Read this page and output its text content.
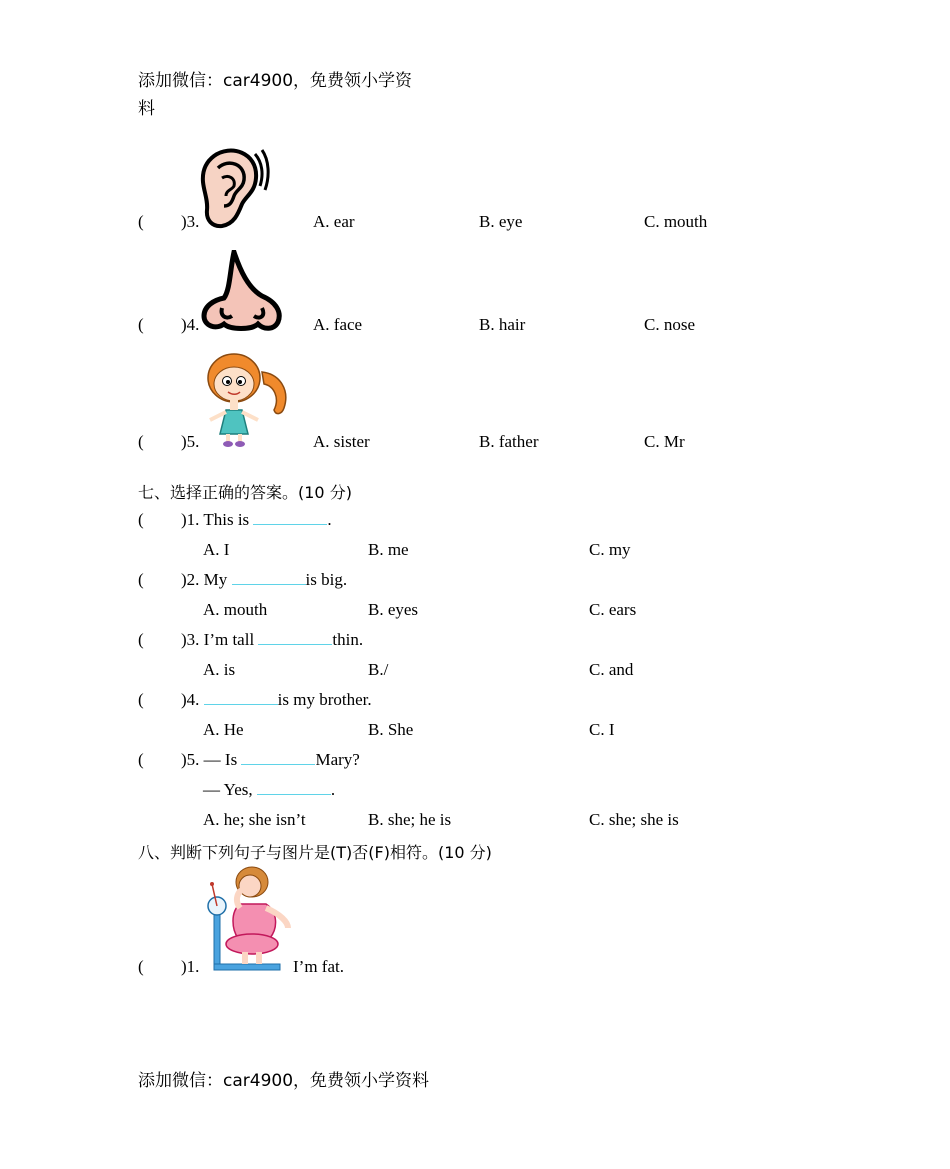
添加微信：car4900，免费领小学资
料
( )3.	A. ear	B. eye	C. mouth
( )4.	A. face	B. hair	C. nose
( )5.	A. sister	B. father	C. Mr
七、选择正确的答案。(10 分)
( )1. This is	.
A. I	B. me	C. my
( )2. My	is big.
A. mouth	B. eyes	C. ears
( )3. I’m tall	thin.
A. is	B./	C. and
( )4.	is my brother.
A. He	B. She	C. I
( )5. — Is	Mary?
— Yes,	.
A. he; she isn’t	B. she; he is	C. she; she is
八、判断下列句子与图片是(T)否(F)相符。(10 分)
( )1.	I’m fat.
添加微信：car4900，免费领小学资料
